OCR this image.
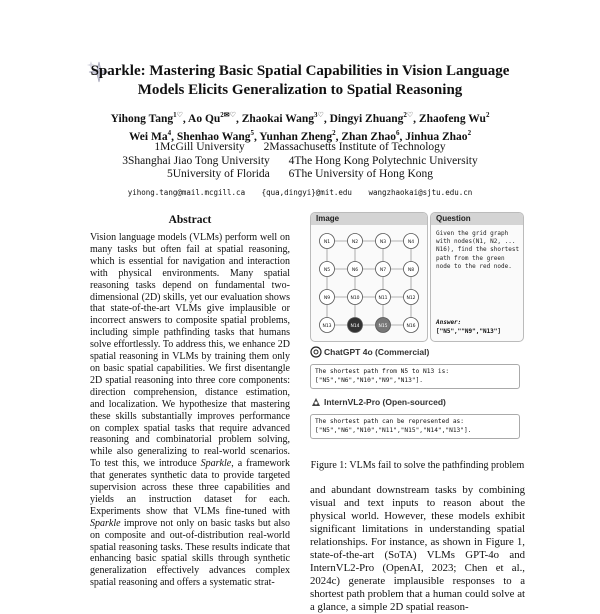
Sparkle: Mastering Basic Spatial Capabilities in Vision Language

Models Elicits Generalization to Spatial Reasoning

Yihong Tang$^{1♡}$, Ao $Qu^{2✉♡}$, Zhaokai Wang$^{3♡}$, Dingyi Zhuang$^{2♡}$, Zhaofeng Wu$^2$
Wei Ma$^4$, Shenhao Wang$^5$, Yunhan Zheng$^2$, Zhan Zhao$^6$, Jinhua Zhao$^2$
1McGill University 2Massachusetts Institute of Technology
3Shanghai Jiao Tong University 4The Hong Kong Polytechnic University
5University of Florida 6The University of Hong Kong
yihong.tang@mail.mcgill.ca {qua,dingyi}@mit.edu wangzhaokai@sjtu.edu.cn
Abstract
Vision language models (VLMs) perform well on many tasks but often fail at spatial reasoning, which is essential for navigation and interaction with physical environments. Many spatial reasoning tasks depend on fundamental two-dimensional (2D) skills, yet our evaluation shows that state-of-the-art VLMs give implausible or incorrect answers to composite spatial problems, including simple pathfinding tasks that humans solve effortlessly. To address this, we enhance 2D spatial reasoning in VLMs by training them only on basic spatial capabilities. We first disentangle 2D spatial reasoning into three core components: direction comprehension, distance estimation, and localization. We hypothesize that mastering these skills substantially improves performance on complex spatial tasks that require advanced reasoning and combinatorial problem solving, while also generalizing to real-world scenarios. To test this, we introduce Sparkle, a framework that generates synthetic data to provide targeted supervision across these three capabilities and yields an instruction dataset for each. Experiments show that VLMs fine-tuned with Sparkle improve not only on basic tasks but also on composite and out-of-distribution real-world spatial reasoning tasks. These results indicate that enhancing basic spatial skills through synthetic generalization effectively advances complex spatial reasoning and offers a systematic strat-
Image
N1	N2	N3	N4
N5	N6	N7	N8
N9	N10	N11	N12
N13	N14	N15	N16
Question
Given the grid graph with nodes(N1, N2, ... N16), find the shortest path from the green node to the red node.
Answer:
["N5",""N9","N13"]
ChatGPT 4o (Commercial)
The shortest path from N5 to N13 is:
["N5","N6","N10","N9","N13"].
InternVL2-Pro (Open-sourced)
The shortest path can be represented as:
["N5","N6","N10","N11","N15","N14","N13"].
Figure 1: VLMs fail to solve the pathfinding problem
and abundant downstream tasks by combining visual and text inputs to reason about the physical world. However, these models exhibit significant limitations in understanding spatial relationships. For instance, as shown in Figure 1, state-of-the-art (SoTA) VLMs GPT-4o and InternVL2-Pro (OpenAI, 2023; Chen et al., 2024c) generate implausible responses to a shortest path problem that a human could solve at a glance, a simple 2D spatial reason-
